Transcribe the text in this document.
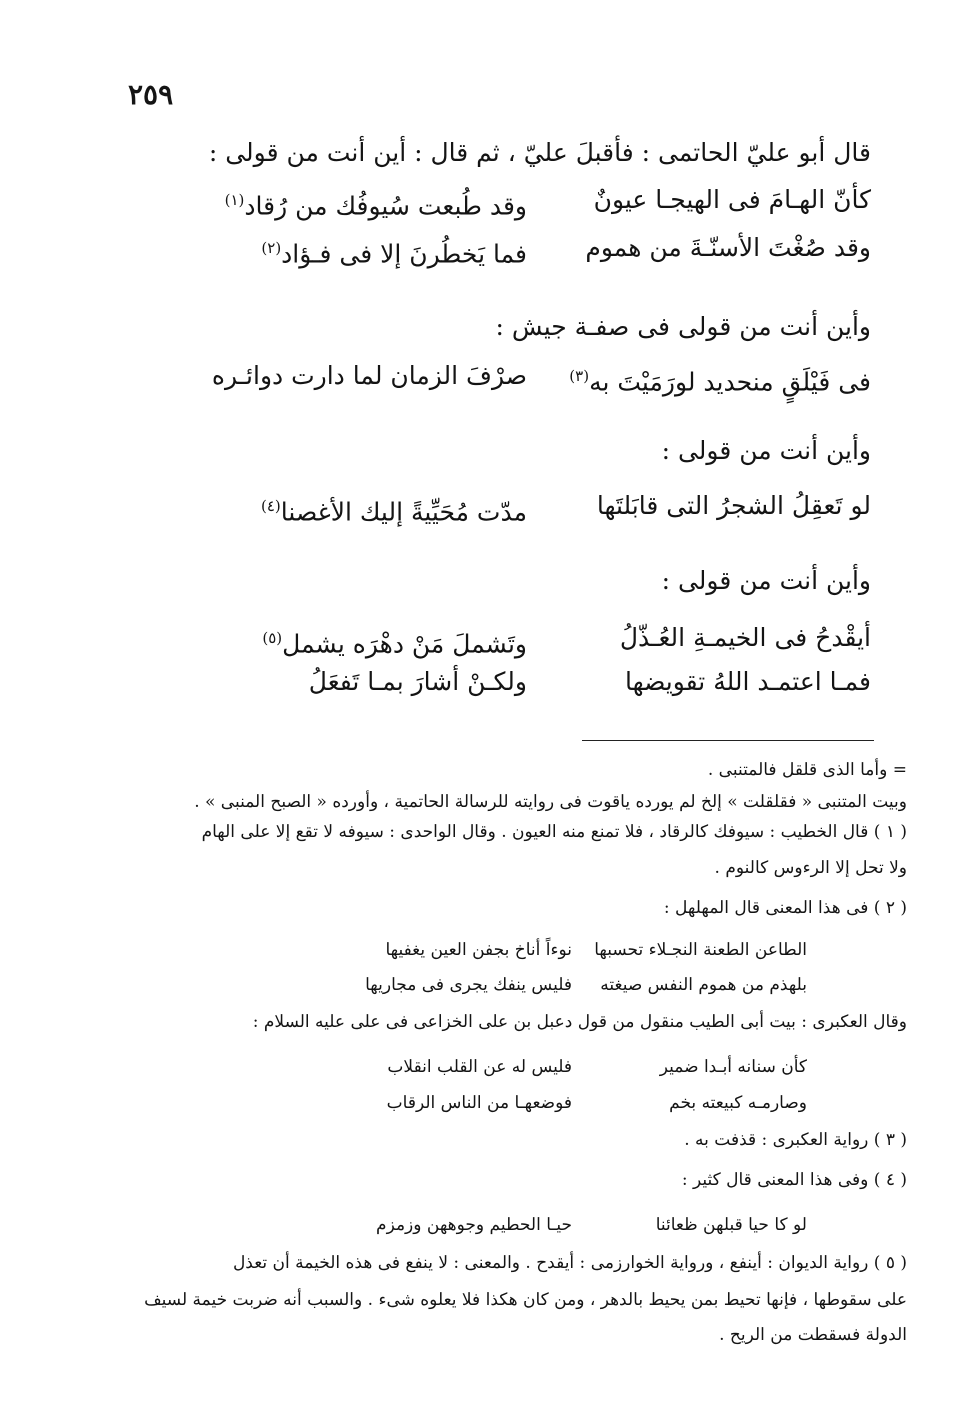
٢٥٩
قال أبو عليّ الحاتمى : فأقبلَ عليّ ، ثم قال : أين أنت من قولى :
كأنّ الهـامَ فى الهيجـا عيونٌ
وقد طُبعت سُيوفُك من رُقاد$^{(١)}$
وقد صُغْتَ الأسنّـةَ من هموم
فما يَخطُرنَ إلا فى فـؤاد$^{(٢)}$
وأين أنت من قولى فى صفـة جيش :
فى فَيْلَقٍ منحديد لورَمَيْتَ به$^{(٣)}$
صرْفَ الزمان لما دارت دوائـره
وأين أنت من قولى :
لو تَعقِلُ الشجرُ التى قابَلتَها
مدّت مُحَيِّيةً إليك الأغصنا$^{(٤)}$
وأين أنت من قولى :
أيقْدحُ فى الخيمـةِ العُـذّلُ
وتَشملَ مَنْ دهْرَه يشمل$^{(٥)}$
فمـا اعتمـد اللهُ تقويضها
ولكـنْ أشارَ بمـا تَفعَلُ
= وأما الذى قلقل فالمتنبى .
وبيت المتنبى « فقلقلت » إلخ لم يورده ياقوت فى روايته للرسالة الحاتمية ، وأورده « الصبح المنبى » .
( ١ ) قال الخطيب : سيوفك كالرقاد ، فلا تمنع منه العيون . وقال الواحدى : سيوفه لا تقع إلا على الهام
ولا تحل إلا الرءوس كالنوم .
( ٢ ) فى هذا المعنى قال المهلهل :
الطاعن الطعنة النجـلاء تحسبها
نوءاً أناخ بجفن العين يغفيها
بلهذم من هموم النفس صيغته
فليس ينفك يجرى فى مجاريها
وقال العكبرى : بيت أبى الطيب منقول من قول دعبل بن على الخزاعى فى على عليه السلام :
كأن سنانه أبـدا ضمير
فليس له عن القلب انقلاب
وصارمـه كبيعته بخم
فوضعهـا من الناس الرقاب
( ٣ ) رواية العكبرى : قذفت به .
( ٤ ) وفى هذا المعنى قال كثير :
لو كا حيا قبلهن ظعائنا
حيـا الحطيم وجوههن وزمزم
( ٥ ) رواية الديوان : أينفع ، ورواية الخوارزمى : أيقدح . والمعنى : لا ينفع فى هذه الخيمة أن تعذل
على سقوطها ، فإنها تحيط بمن يحيط بالدهر ، ومن كان هكذا فلا يعلوه شىء . والسبب أنه ضربت خيمة لسيف
الدولة فسقطت من الريح .
